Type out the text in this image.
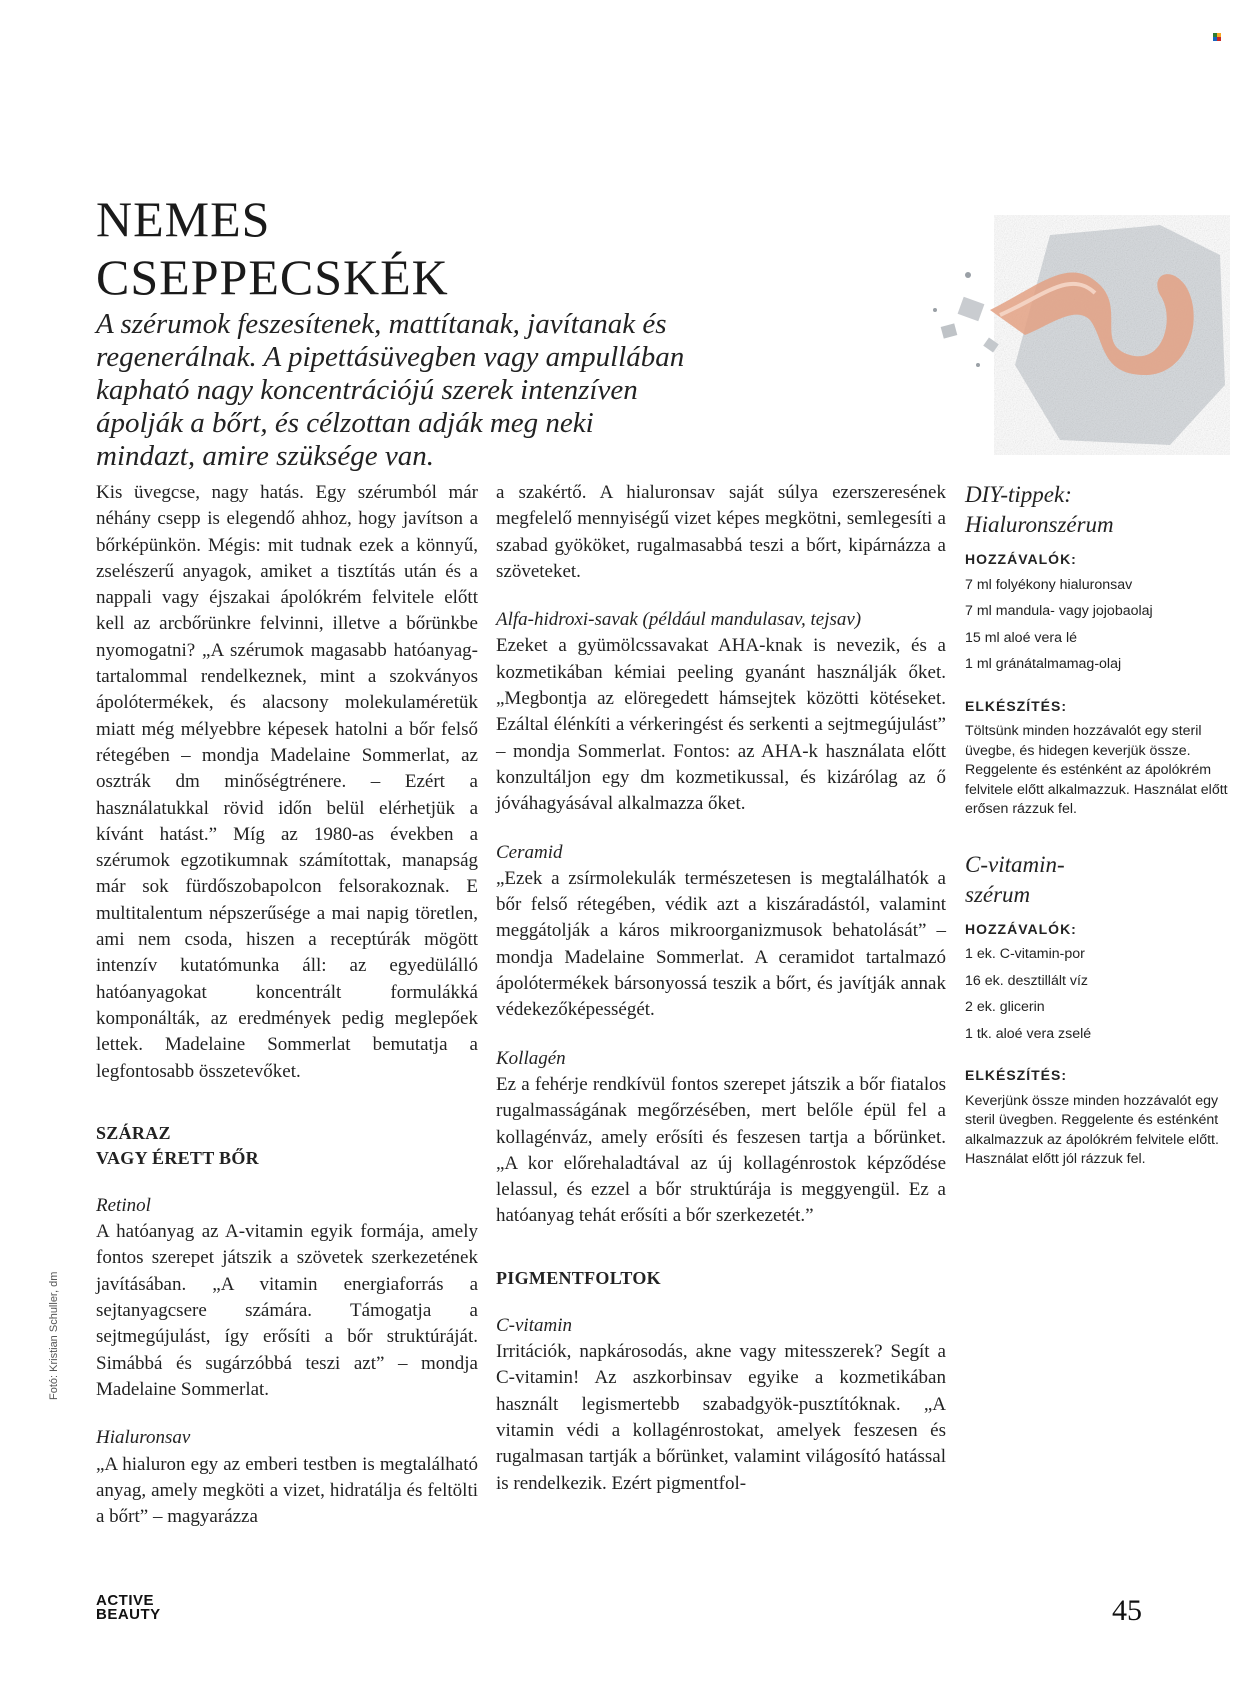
NEMES
CSEPPECSKÉK
A szérumok feszesítenek, mattítanak, javítanak és regenerálnak. A pipettásüvegben vagy ampullában kapható nagy koncentrációjú szerek intenzíven ápolják a bőrt, és célzottan adják meg neki mindazt, amire szüksége van.

Kis üvegcse, nagy hatás. Egy szérumból már néhány csepp is elegendő ahhoz, hogy javítson a bőrképünkön. Mégis: mit tudnak ezek a könnyű, zselészerű anyagok, amiket a tisztítás után és a nappali vagy éjszakai ápolókrém felvitele előtt kell az arcbőrünkre felvinni, illetve a bőrünkbe nyomogatni? „A szérumok magasabb hatóanyag-tartalommal rendelkeznek, mint a szokványos ápolótermékek, és alacsony molekulaméretük miatt még mélyebbre képesek hatolni a bőr felső rétegében – mondja Madelaine Sommerlat, az osztrák dm minőségtrénere. – Ezért a használatukkal rövid időn belül elérhetjük a kívánt hatást.” Míg az 1980-as években a szérumok egzotikumnak számítottak, manapság már sok fürdőszobapolcon felsorakoznak. E multitalentum népszerűsége a mai napig töretlen, ami nem csoda, hiszen a receptúrák mögött intenzív kutatómunka áll: az egyedülálló hatóanyagokat koncentrált formulákká komponálták, az eredmények pedig meglepőek lettek. Madelaine Sommerlat bemutatja a legfontosabb összetevőket.

SZÁRAZ
VAGY ÉRETT BŐR

Retinol

A hatóanyag az A-vitamin egyik formája, amely fontos szerepet játszik a szövetek szerkezetének javításában. „A vitamin energiaforrás a sejtanyagcsere számára. Támogatja a sejtmegújulást, így erősíti a bőr struktúráját. Simábbá és sugárzóbbá teszi azt” – mondja Madelaine Sommerlat.

Hialuronsav

„A hialuron egy az emberi testben is megtalálható anyag, amely megköti a vizet, hidratálja és feltölti a bőrt” – magyarázza

a szakértő. A hialuronsav saját súlya ezerszeresének megfelelő mennyiségű vizet képes megkötni, semlegesíti a szabad gyököket, rugalmasabbá teszi a bőrt, kipárnázza a szöveteket.

Alfa-hidroxi-savak (például mandulasav, tejsav)

Ezeket a gyümölcssavakat AHA-knak is nevezik, és a kozmetikában kémiai peeling gyanánt használják őket. „Megbontja az elöregedett hámsejtek közötti kötéseket. Ezáltal élénkíti a vérkeringést és serkenti a sejtmegújulást” – mondja Sommerlat. Fontos: az AHA-k használata előtt konzultáljon egy dm kozmetikussal, és kizárólag az ő jóváhagyásával alkalmazza őket.

Ceramid

„Ezek a zsírmolekulák természetesen is megtalálhatók a bőr felső rétegében, védik azt a kiszáradástól, valamint meggátolják a káros mikroorganizmusok behatolását” – mondja Madelaine Sommerlat. A ceramidot tartalmazó ápolótermékek bársonyossá teszik a bőrt, és javítják annak védekezőképességét.

Kollagén

Ez a fehérje rendkívül fontos szerepet játszik a bőr fiatalos rugalmasságának megőrzésében, mert belőle épül fel a kollagénváz, amely erősíti és feszesen tartja a bőrünket. „A kor előrehaladtával az új kollagénrostok képződése lelassul, és ezzel a bőr struktúrája is meggyengül. Ez a hatóanyag tehát erősíti a bőr szerkezetét.”

PIGMENTFOLTOK

C-vitamin

Irritációk, napkárosodás, akne vagy mitesszerek? Segít a C-vitamin! Az aszkorbinsav egyike a kozmetikában használt legismertebb szabadgyök-pusztítóknak. „A vitamin védi a kollagénrostokat, amelyek feszesen és rugalmasan tartják a bőrünket, valamint világosító hatással is rendelkezik. Ezért pigmentfol-

DIY-tippek:

Hialuronszérum

HOZZÁVALÓK:
7 ml folyékony hialuronsav
7 ml mandula- vagy jojobaolaj
15 ml aloé vera lé
1 ml gránátalmamag-olaj
ELKÉSZÍTÉS:
Töltsünk minden hozzávalót egy steril üvegbe, és hidegen keverjük össze. Reggelente és esténként az ápolókrém felvitele előtt alkalmazzuk. Használat előtt erősen rázzuk fel.

C-vitamin-

szérum

HOZZÁVALÓK:
1 ek. C-vitamin-por
16 ek. desztillált víz
2 ek. glicerin
1 tk. aloé vera zselé
ELKÉSZÍTÉS:
Keverjünk össze minden hozzávalót egy steril üvegben. Reggelente és esténként alkalmazzuk az ápolókrém felvitele előtt. Használat előtt jól rázzuk fel.
Fotó: Kristian Schuller, dm
ACTIVE
BEAUTY	45
